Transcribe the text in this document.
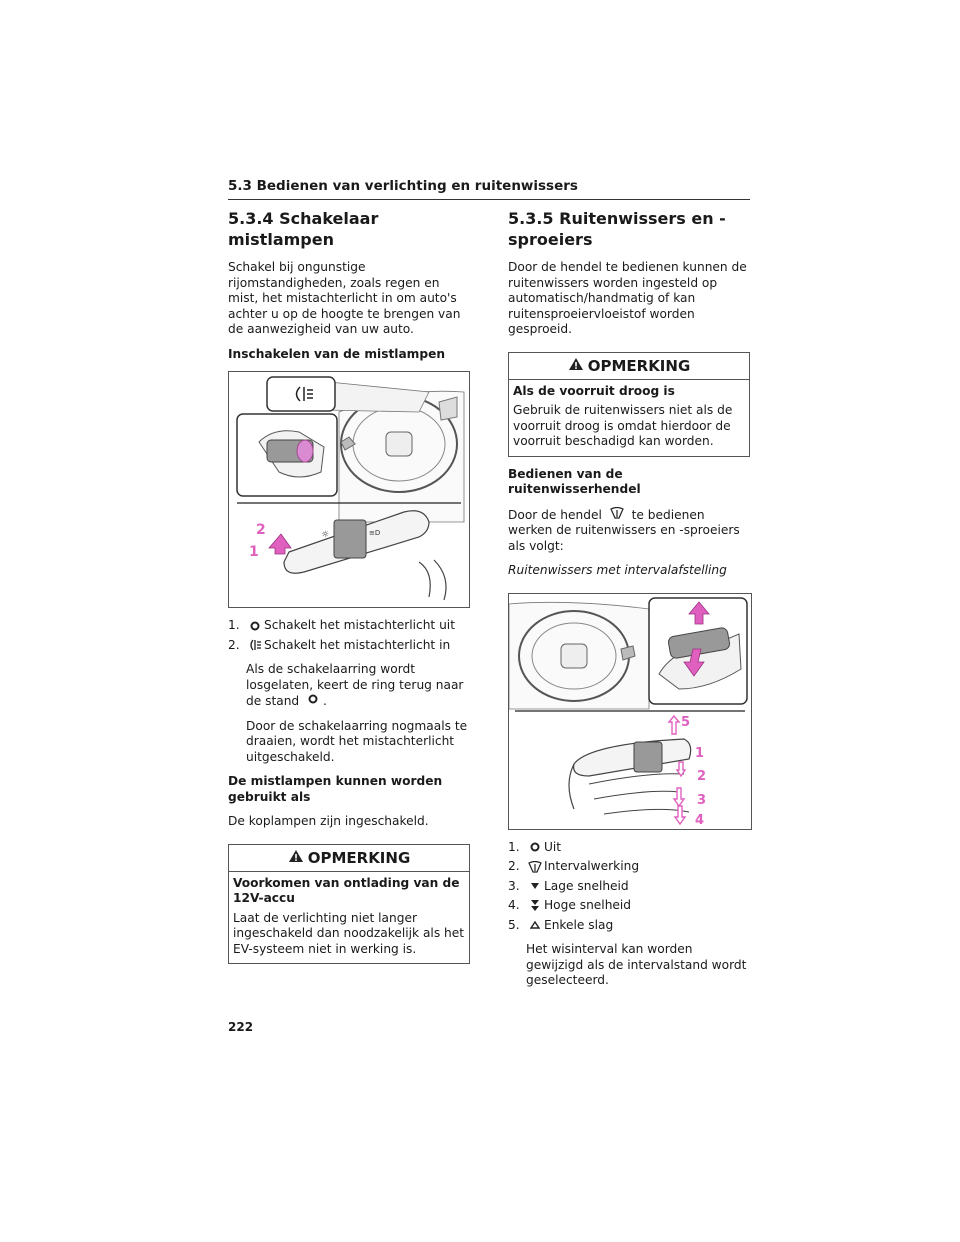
5.3 Bedienen van verlichting en ruitenwissers
5.3.4 Schakelaar mistlampen

Schakel bij ongunstige rijomstandigheden, zoals regen en mist, het mistachterlicht in om auto's achter u op de hoogte te brengen van de aanwezigheid van uw auto.

Inschakelen van de mistlampen

☼	≡D
2
1
1.	Schakelt het mistachterlicht uit
2.	Schakelt het mistachterlicht in

Als de schakelaarring wordt losgelaten, keert de ring terug naar de stand .

Door de schakelaarring nogmaals te draaien, wordt het mistachterlicht uitgeschakeld.

De mistlampen kunnen worden gebruikt als

De koplampen zijn ingeschakeld.

OPMERKING

Voorkomen van ontlading van de 12V-accu

Laat de verlichting niet langer ingeschakeld dan noodzakelijk als het EV-systeem niet in werking is.

5.3.5 Ruitenwissers en -sproeiers

Door de hendel te bedienen kunnen de ruitenwissers worden ingesteld op automatisch/handmatig of kan ruitensproeiervloeistof worden gesproeid.

OPMERKING

Als de voorruit droog is

Gebruik de ruitenwissers niet als de voorruit droog is omdat hierdoor de voorruit beschadigd kan worden.

Bedienen van de ruitenwisserhendel

Door de hendel te bedienen werken de ruitenwissers en -sproeiers als volgt:

Ruitenwissers met intervalafstelling

5
1
2
3
4
1.	Uit
2.	Intervalwerking
3.	Lage snelheid
4.	Hoge snelheid
5.	Enkele slag

Het wisinterval kan worden gewijzigd als de intervalstand wordt geselecteerd.

222
